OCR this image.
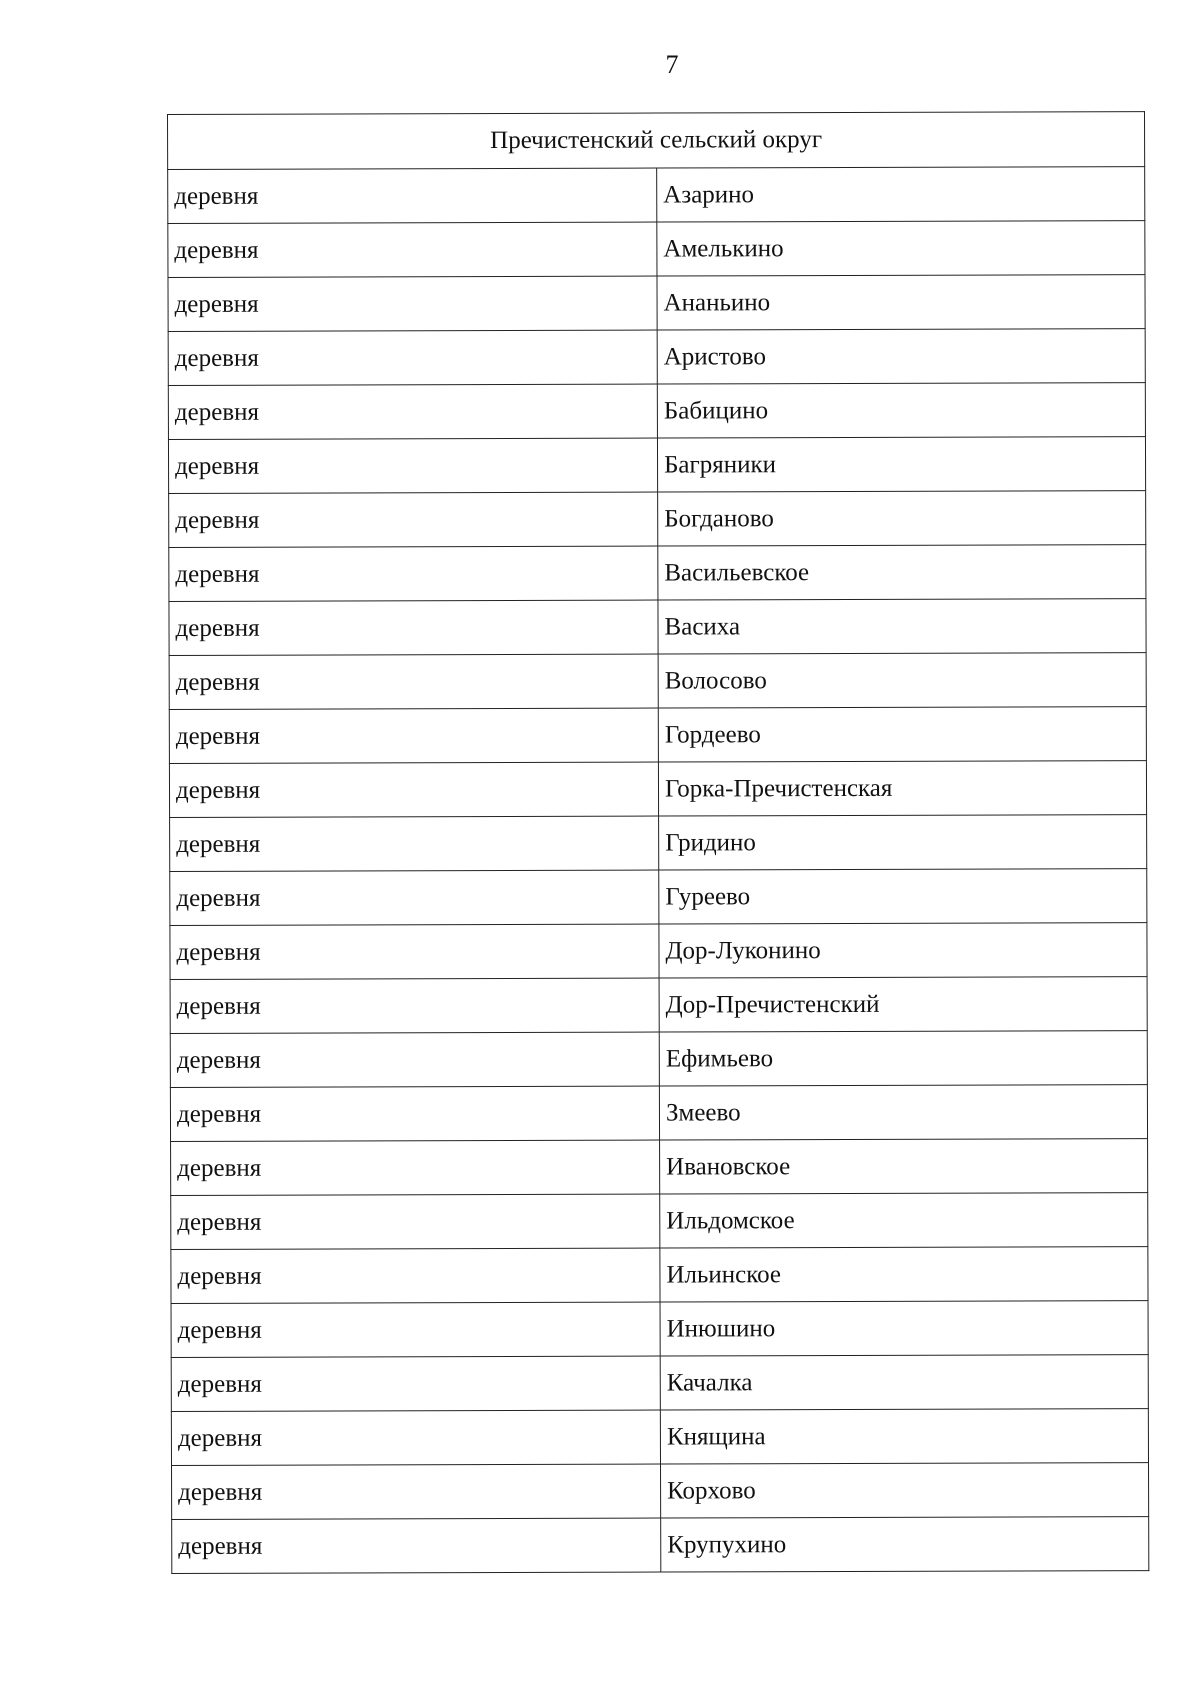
7
Пречистенский сельский округ	
деревня	Азарино
деревня	Амелькино
деревня	Ананьино
деревня	Аристово
деревня	Бабицино
деревня	Багряники
деревня	Богданово
деревня	Васильевское
деревня	Васиха
деревня	Волосово
деревня	Гордеево
деревня	Горка-Пречистенская
деревня	Гридино
деревня	Гуреево
деревня	Дор-Луконино
деревня	Дор-Пречистенский
деревня	Ефимьево
деревня	Змеево
деревня	Ивановское
деревня	Ильдомское
деревня	Ильинское
деревня	Инюшино
деревня	Качалка
деревня	Княщина
деревня	Корхово
деревня	Крупухино
